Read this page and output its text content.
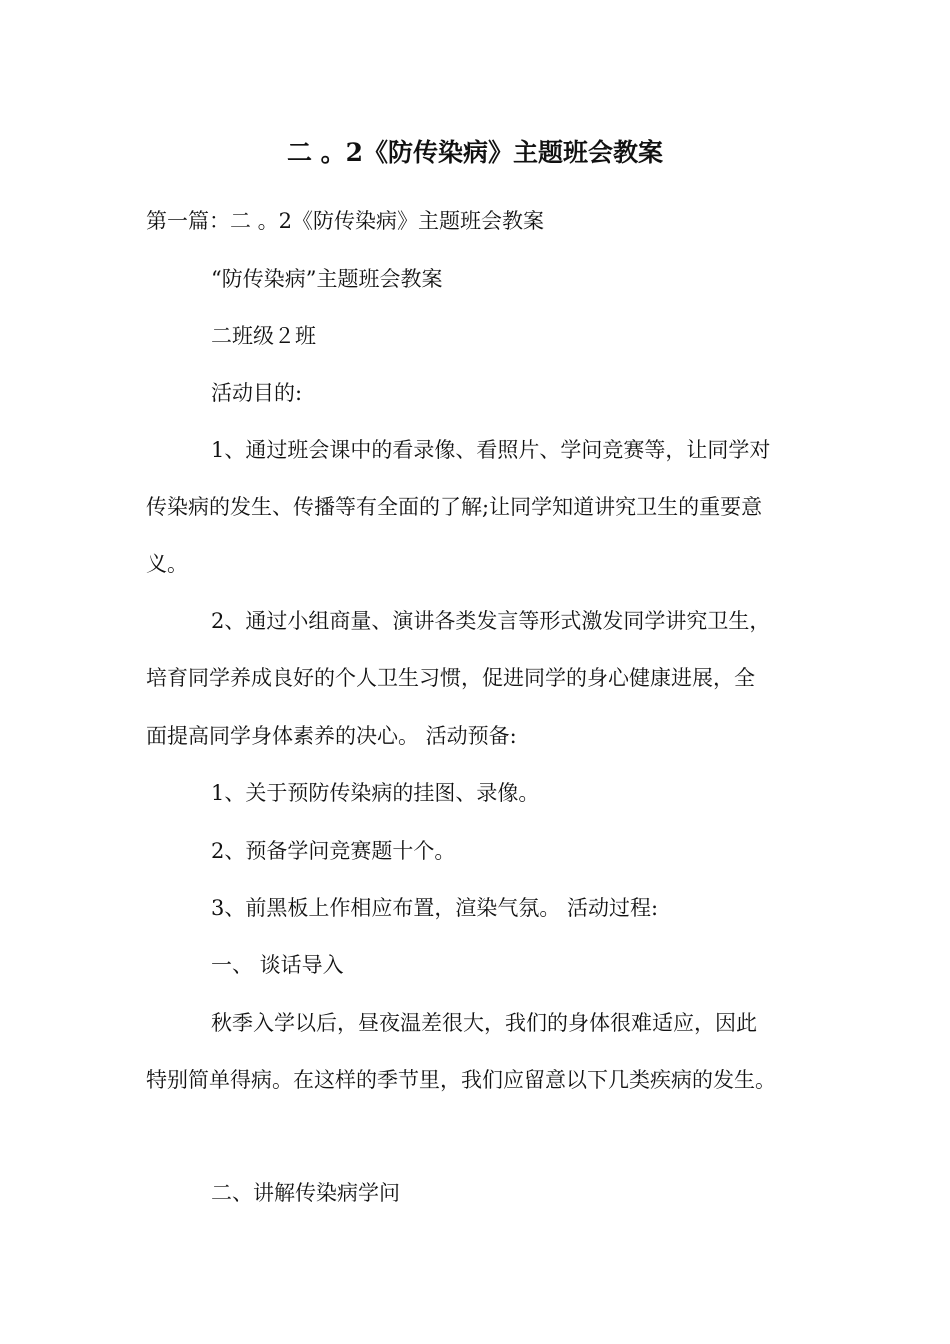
二 。2《防传染病》主题班会教案
第一篇：二 。2《防传染病》主题班会教案
“防传染病”主题班会教案
二班级２班
活动目的:
1、通过班会课中的看录像、看照片、学问竞赛等，让同学对
传染病的发生、传播等有全面的了解;让同学知道讲究卫生的重要意
义。
2、通过小组商量、演讲各类发言等形式激发同学讲究卫生，
培育同学养成良好的个人卫生习惯，促进同学的身心健康进展，全
面提高同学身体素养的决心。 活动预备:
1、关于预防传染病的挂图、录像。
2、预备学问竞赛题十个。
3、前黑板上作相应布置，渲染气氛。 活动过程:
一、 谈话导入
秋季入学以后，昼夜温差很大，我们的身体很难适应，因此
特别简单得病。在这样的季节里，我们应留意以下几类疾病的发生。
二、讲解传染病学问
